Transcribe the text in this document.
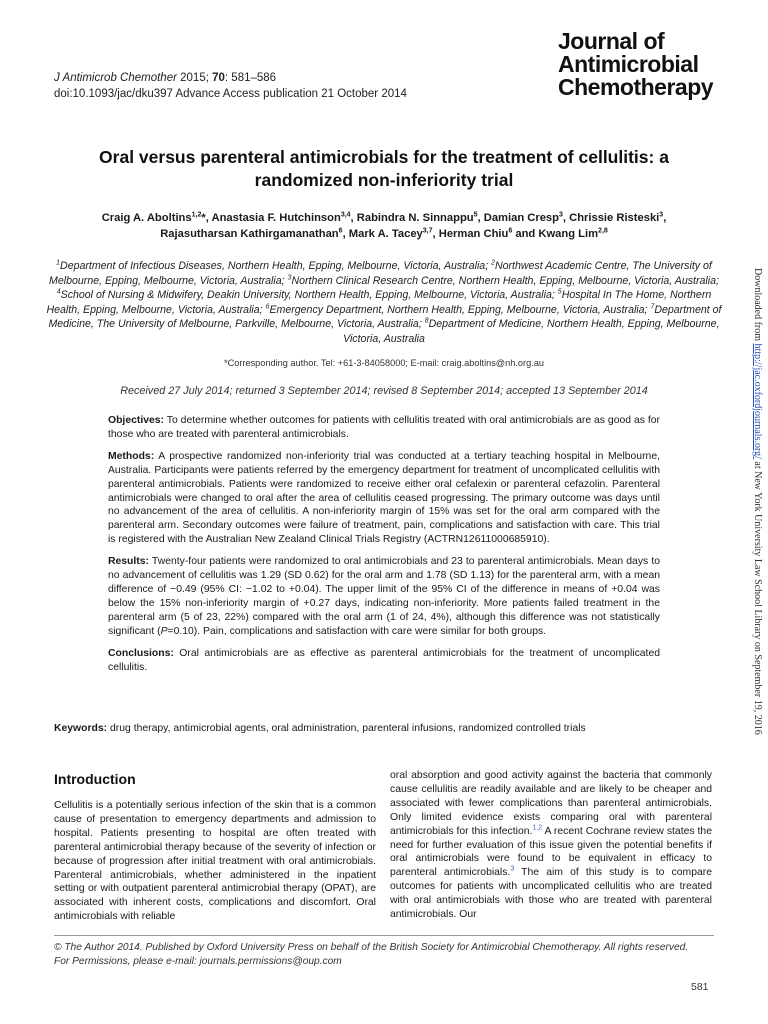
J Antimicrob Chemother 2015; 70: 581–586
doi:10.1093/jac/dku397 Advance Access publication 21 October 2014
Journal of
Antimicrobial
Chemotherapy
Oral versus parenteral antimicrobials for the treatment of cellulitis: a
randomized non-inferiority trial
Craig A. Aboltins$^{1,2}$*, Anastasia F. Hutchinson$^{3,4}$, Rabindra N. Sinnappu$^5$, Damian Cresp$^3$, Chrissie Risteski$^3$,
Rajasutharsan Kathirgamanathan$^6$, Mark A. Tacey$^{3,7}$, Herman Chiu$^6$ and Kwang Lim$^{2,8}$
$^1$Department of Infectious Diseases, Northern Health, Epping, Melbourne, Victoria, Australia; $^2$Northwest Academic Centre, The University of Melbourne, Epping, Melbourne, Victoria, Australia; $^3$Northern Clinical Research Centre, Northern Health, Epping, Melbourne, Victoria, Australia; $^4$School of Nursing & Midwifery, Deakin University, Northern Health, Epping, Melbourne, Victoria, Australia; $^5$Hospital In The Home, Northern Health, Epping, Melbourne, Victoria, Australia; $^6$Emergency Department, Northern Health, Epping, Melbourne, Victoria, Australia; $^7$Department of Medicine, The University of Melbourne, Parkville, Melbourne, Victoria, Australia; $^8$Department of Medicine, Northern Health, Epping, Melbourne, Victoria, Australia
*Corresponding author. Tel: +61-3-84058000; E-mail: craig.aboltins@nh.org.au
Received 27 July 2014; returned 3 September 2014; revised 8 September 2014; accepted 13 September 2014

Objectives: To determine whether outcomes for patients with cellulitis treated with oral antimicrobials are as good as for those who are treated with parenteral antimicrobials.

Methods: A prospective randomized non-inferiority trial was conducted at a tertiary teaching hospital in Melbourne, Australia. Participants were patients referred by the emergency department for treatment of uncomplicated cellulitis with parenteral antimicrobials. Patients were randomized to receive either oral cefalexin or parenteral cefazolin. Parenteral antimicrobials were changed to oral after the area of cellulitis ceased progressing. The primary outcome was days until no advancement of the area of cellulitis. A non-inferiority margin of 15% was set for the oral arm compared with the parenteral arm. Secondary outcomes were failure of treatment, pain, complications and satisfaction with care. This trial is registered with the Australian New Zealand Clinical Trials Registry (ACTRN12611000685910).

Results: Twenty-four patients were randomized to oral antimicrobials and 23 to parenteral antimicrobials. Mean days to no advancement of cellulitis was 1.29 (SD 0.62) for the oral arm and 1.78 (SD 1.13) for the parenteral arm, with a mean difference of −0.49 (95% CI: −1.02 to +0.04). The upper limit of the 95% CI of the difference in means of +0.04 was below the 15% non-inferiority margin of +0.27 days, indicating non-inferiority. More patients failed treatment in the parenteral arm (5 of 23, 22%) compared with the oral arm (1 of 24, 4%), although this difference was not statistically significant (P=0.10). Pain, complications and satisfaction with care were similar for both groups.

Conclusions: Oral antimicrobials are as effective as parenteral antimicrobials for the treatment of uncomplicated cellulitis.

Keywords: drug therapy, antimicrobial agents, oral administration, parenteral infusions, randomized controlled trials
Introduction
Cellulitis is a potentially serious infection of the skin that is a common cause of presentation to emergency departments and admission to hospital. Patients presenting to hospital are often treated with parenteral antimicrobial therapy because of the severity of infection or because of progression after initial treatment with oral antimicrobials. Parenteral antimicrobials, whether administered in the inpatient setting or with outpatient parenteral antimicrobial therapy (OPAT), are associated with inherent costs, complications and discomfort. Oral antimicrobials with reliable
oral absorption and good activity against the bacteria that commonly cause cellulitis are readily available and are likely to be cheaper and associated with fewer complications than parenteral antimicrobials. Only limited evidence exists comparing oral with parenteral antimicrobials for this infection.$^{1,2}$ A recent Cochrane review states the need for further evaluation of this issue given the potential benefits if oral antimicrobials were found to be equivalent in efficacy to parenteral antimicrobials.$^3$ The aim of this study is to compare outcomes for patients with uncomplicated cellulitis who are treated with oral antimicrobials with those who are treated with parenteral antimicrobials. Our
© The Author 2014. Published by Oxford University Press on behalf of the British Society for Antimicrobial Chemotherapy. All rights reserved.
For Permissions, please e-mail: journals.permissions@oup.com
581
Downloaded from http://jac.oxfordjournals.org/ at New York University Law School Library on September 19, 2016
